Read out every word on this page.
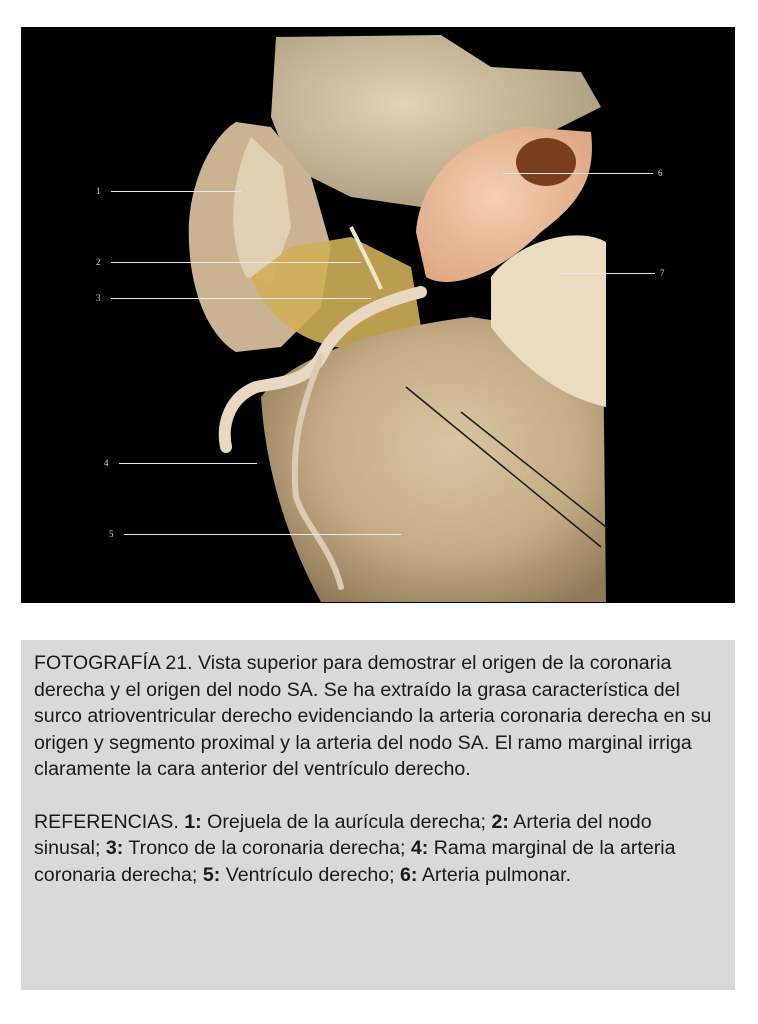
1
2
3
4
5
6
7

FOTOGRAFÍA 21. Vista superior para demostrar el origen de la coronaria derecha y el origen del nodo SA. Se ha extraído la grasa característica del surco atrioventricular derecho evidenciando la arteria coronaria derecha en su origen y segmento proximal y la arteria del nodo SA. El ramo marginal irriga claramente la cara anterior del ventrículo derecho.

REFERENCIAS. 1: Orejuela de la aurícula derecha; 2: Arteria del nodo sinusal; 3: Tronco de la coronaria derecha; 4: Rama marginal de la arteria coronaria derecha; 5: Ventrículo derecho; 6: Arteria pulmonar.
